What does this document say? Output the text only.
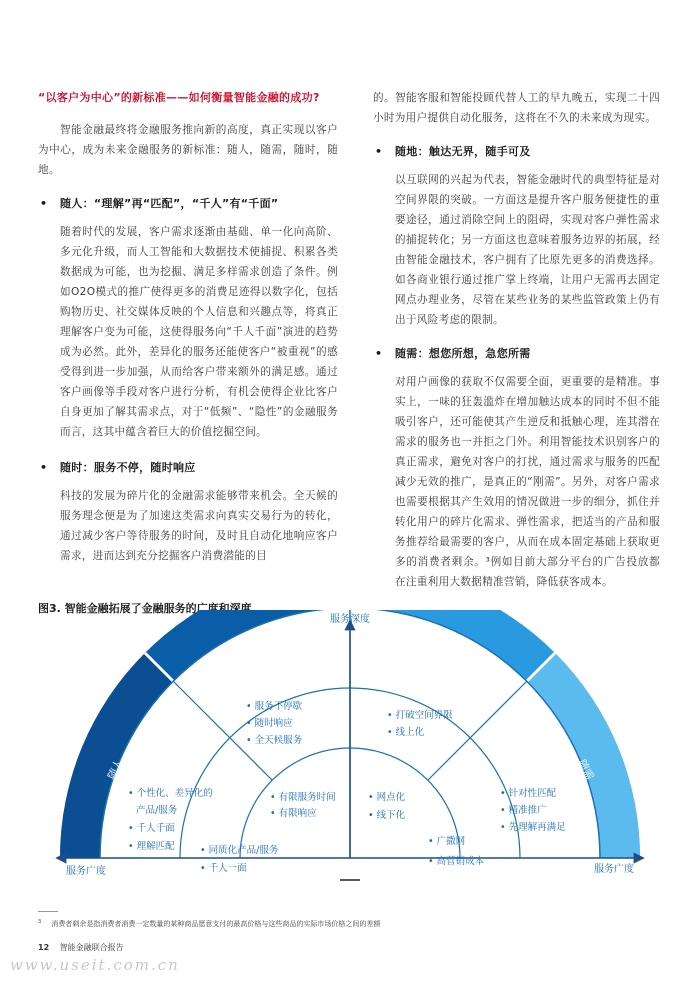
“以客户为中心”的新标准——如何衡量智能金融的成功?

智能金融最终将金融服务推向新的高度，真正实现以客户为中心，成为未来金融服务的新标准：随人，随需，随时，随地。

• 随人：“理解”再“匹配”，“千人”有“千面”

随着时代的发展，客户需求逐渐由基础、单一化向高阶、多元化升级，而人工智能和大数据技术使捕捉、积累各类数据成为可能，也为挖掘、满足多样需求创造了条件。例如O2O模式的推广使得更多的消费足迹得以数字化，包括购物历史、社交媒体反映的个人信息和兴趣点等，将真正理解客户变为可能，这使得服务向“千人千面”演进的趋势成为必然。此外，差异化的服务还能使客户“被重视”的感受得到进一步加强，从而给客户带来额外的满足感。通过客户画像等手段对客户进行分析，有机会使得企业比客户自身更加了解其需求点，对于“低频”、“隐性”的金融服务而言，这其中蕴含着巨大的价值挖掘空间。

• 随时：服务不停，随时响应

科技的发展为碎片化的金融需求能够带来机会。全天候的服务理念便是为了加速这类需求向真实交易行为的转化，通过减少客户等待服务的时间，及时且自动化地响应客户需求，进而达到充分挖掘客户消费潜能的目

的。智能客服和智能投顾代替人工的早九晚五，实现二十四小时为用户提供自动化服务，这将在不久的未来成为现实。

• 随地：触达无界，随手可及

以互联网的兴起为代表，智能金融时代的典型特征是对空间界限的突破。一方面这是提升客户服务便捷性的重要途径，通过消除空间上的阻碍，实现对客户弹性需求的捕捉转化；另一方面这也意味着服务边界的拓展，经由智能金融技术，客户拥有了比原先更多的消费选择。如各商业银行通过推广掌上终端，让用户无需再去固定网点办理业务，尽管在某些业务的某些监管政策上仍有出于风险考虑的限制。

• 随需：想您所想，急您所需

对用户画像的获取不仅需要全面，更重要的是精准。事实上，一味的狂轰滥炸在增加触达成本的同时不但不能吸引客户，还可能使其产生逆反和抵触心理，连其潜在需求的服务也一并拒之门外。利用智能技术识别客户的真正需求，避免对客户的打扰，通过需求与服务的匹配减少无效的推广，是真正的“刚需”。另外，对客户需求也需要根据其产生效用的情况做进一步的细分，抓住并转化用户的碎片化需求、弹性需求，把适当的产品和服务推荐给最需要的客户，从而在成本固定基础上获取更多的消费者剩余。³例如目前大部分平台的广告投放都在注重利用大数据精准营销，降低获客成本。

图3. 智能金融拓展了金融服务的广度和深度
服务深度
服务广度	服务广度
随人
随时	随地
随需
• 服务不停歇
• 随时响应
• 全天候服务
• 有限服务时间
• 有限响应
• 个性化、差异化的
产品/服务
• 千人千面
• 理解匹配	• 同质化产品/服务
• 千人一面
• 打破空间界限
• 线上化
• 网点化
• 线下化
• 针对性匹配
• 精准推广
• 先理解再满足
• 广撒网
• 高营销成本
$^3$ 消费者剩余是指消费者消费一定数量的某种商品愿意支付的最高价格与这些商品的实际市场价格之间的差额
12 智能金融联合报告
www.useit.com.cn
